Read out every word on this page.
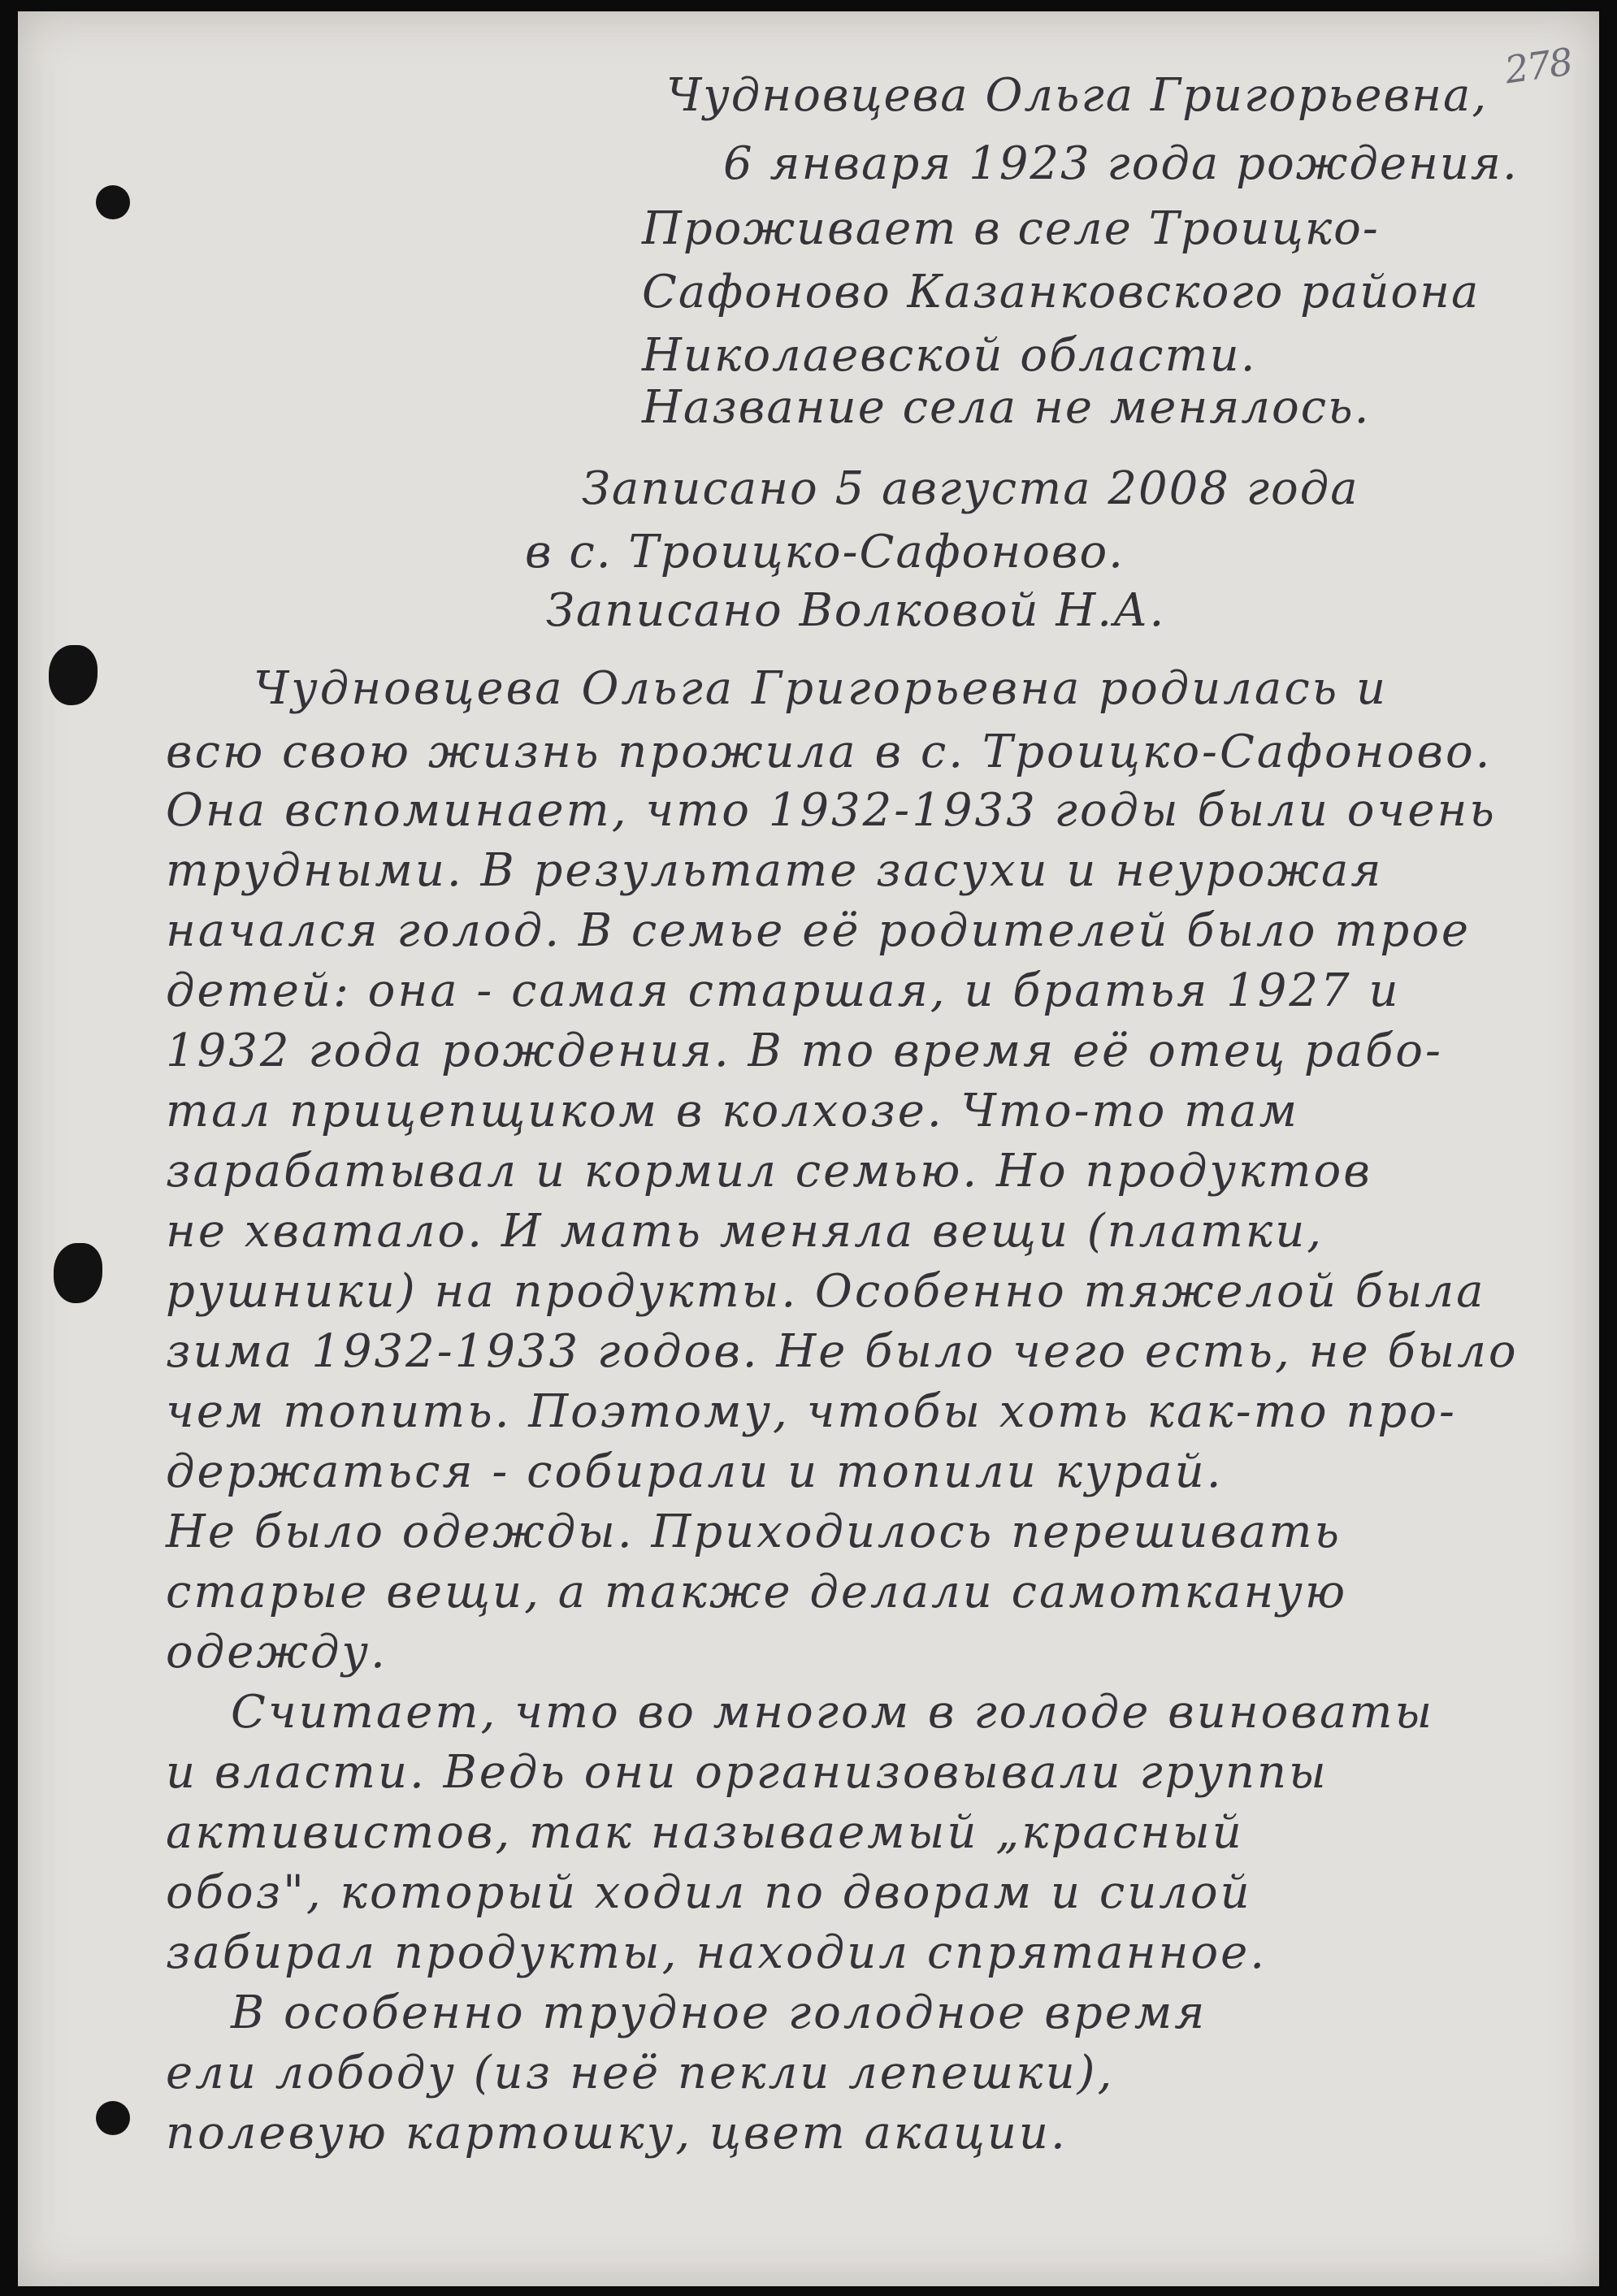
278
Чудновцева Ольга Григорьевна,
6 января 1923 года рождения.
Проживает в селе Троицко-
Сафоново Казанковского района
Николаевской области.
Название села не менялось.
Записано 5 августа 2008 года
в с. Троицко-Сафоново.
Записано Волковой Н.А.
Чудновцева Ольга Григорьевна родилась и
всю свою жизнь прожила в с. Троицко-Сафоново.
Она вспоминает, что 1932-1933 годы были очень
трудными. В результате засухи и неурожая
начался голод. В семье её родителей было трое
детей: она - самая старшая, и братья 1927 и
1932 года рождения. В то время её отец рабо-
тал прицепщиком в колхозе. Что-то там
зарабатывал и кормил семью. Но продуктов
не хватало. И мать меняла вещи (платки,
рушники) на продукты. Особенно тяжелой была
зима 1932-1933 годов. Не было чего есть, не было
чем топить. Поэтому, чтобы хоть как-то про-
держаться - собирали и топили курай.
Не было одежды. Приходилось перешивать
старые вещи, а также делали самотканую
одежду.
Считает, что во многом в голоде виноваты
и власти. Ведь они организовывали группы
активистов, так называемый „красный
обоз", который ходил по дворам и силой
забирал продукты, находил спрятанное.
В особенно трудное голодное время
ели лободу (из неё пекли лепешки),
полевую картошку, цвет акации.
